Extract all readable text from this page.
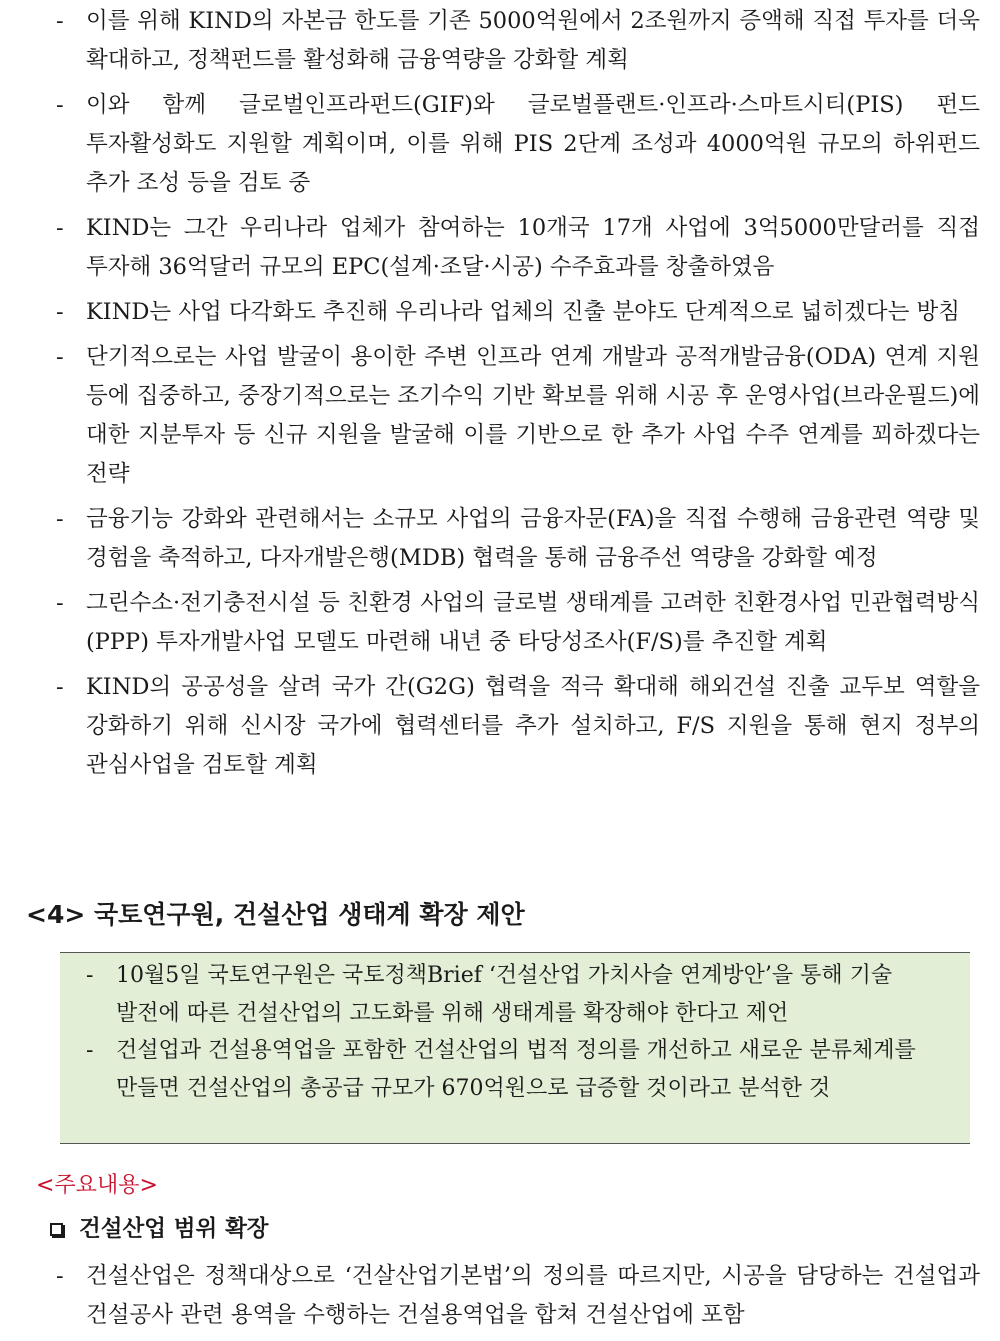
- 이를 위해 KIND의 자본금 한도를 기존 5000억원에서 2조원까지 증액해 직접 투자를 더욱 확대하고, 정책펀드를 활성화해 금융역량을 강화할 계획
- 이와 함께 글로벌인프라펀드(GIF)와 글로벌플랜트·인프라·스마트시티(PIS) 펀드 투자활성화도 지원할 계획이며, 이를 위해 PIS 2단계 조성과 4000억원 규모의 하위펀드 추가 조성 등을 검토 중
- KIND는 그간 우리나라 업체가 참여하는 10개국 17개 사업에 3억5000만달러를 직접 투자해 36억달러 규모의 EPC(설계·조달·시공) 수주효과를 창출하였음
- KIND는 사업 다각화도 추진해 우리나라 업체의 진출 분야도 단계적으로 넓히겠다는 방침
- 단기적으로는 사업 발굴이 용이한 주변 인프라 연계 개발과 공적개발금융(ODA) 연계 지원 등에 집중하고, 중장기적으로는 조기수익 기반 확보를 위해 시공 후 운영사업(브라운필드)에 대한 지분투자 등 신규 지원을 발굴해 이를 기반으로 한 추가 사업 수주 연계를 꾀하겠다는 전략
- 금융기능 강화와 관련해서는 소규모 사업의 금융자문(FA)을 직접 수행해 금융관련 역량 및 경험을 축적하고, 다자개발은행(MDB) 협력을 통해 금융주선 역량을 강화할 예정
- 그린수소·전기충전시설 등 친환경 사업의 글로벌 생태계를 고려한 친환경사업 민관협력방식(PPP) 투자개발사업 모델도 마련해 내년 중 타당성조사(F/S)를 추진할 계획
- KIND의 공공성을 살려 국가 간(G2G) 협력을 적극 확대해 해외건설 진출 교두보 역할을 강화하기 위해 신시장 국가에 협력센터를 추가 설치하고, F/S 지원을 통해 현지 정부의 관심사업을 검토할 계획
<4> 국토연구원, 건설산업 생태계 확장 제안
- 10월5일 국토연구원은 국토정책Brief ‘건설산업 가치사슬 연계방안’을 통해 기술 발전에 따른 건설산업의 고도화를 위해 생태계를 확장해야 한다고 제언
- 건설업과 건설용역업을 포함한 건설산업의 법적 정의를 개선하고 새로운 분류체계를 만들면 건설산업의 총공급 규모가 670억원으로 급증할 것이라고 분석한 것
<주요내용>
건설산업 범위 확장
- 건설산업은 정책대상으로 ‘건살산업기본법’의 정의를 따르지만, 시공을 담당하는 건설업과 건설공사 관련 용역을 수행하는 건설용역업을 합쳐 건설산업에 포함
